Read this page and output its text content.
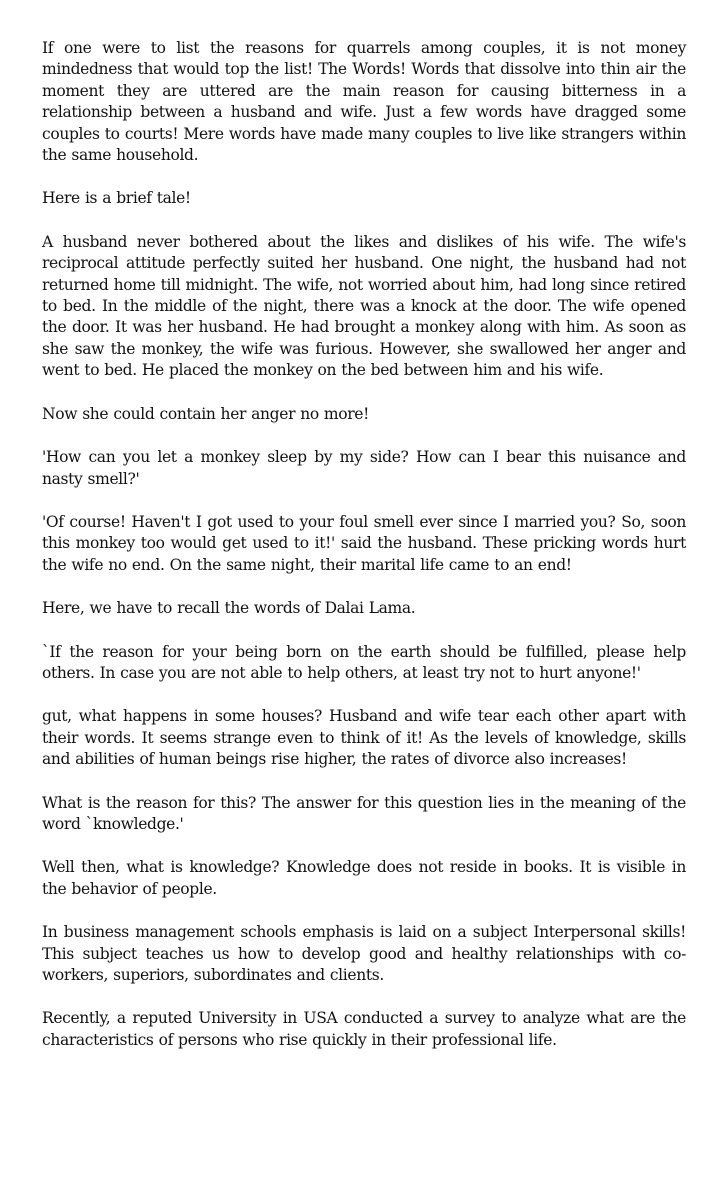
If one were to list the reasons for quarrels among couples, it is not money mindedness that would top the list! The Words! Words that dissolve into thin air the moment they are uttered are the main reason for causing bitterness in a relationship between a husband and wife. Just a few words have dragged some couples to courts! Mere words have made many couples to live like strangers within the same household.

Here is a brief tale!

A husband never bothered about the likes and dislikes of his wife. The wife's reciprocal attitude perfectly suited her husband. One night, the husband had not returned home till midnight. The wife, not worried about him, had long since retired to bed. In the middle of the night, there was a knock at the door. The wife opened the door. It was her husband. He had brought a monkey along with him. As soon as she saw the monkey, the wife was furious. However, she swallowed her anger and went to bed. He placed the monkey on the bed between him and his wife.

Now she could contain her anger no more!

'How can you let a monkey sleep by my side? How can I bear this nuisance and nasty smell?'

'Of course! Haven't I got used to your foul smell ever since I married you? So, soon this monkey too would get used to it!' said the husband. These pricking words hurt the wife no end. On the same night, their marital life came to an end!

Here, we have to recall the words of Dalai Lama.

`If the reason for your being born on the earth should be fulfilled, please help others. In case you are not able to help others, at least try not to hurt anyone!'

gut, what happens in some houses? Husband and wife tear each other apart with their words. It seems strange even to think of it! As the levels of knowledge, skills and abilities of human beings rise higher, the rates of divorce also increases!

What is the reason for this? The answer for this question lies in the meaning of the word `knowledge.'

Well then, what is knowledge? Knowledge does not reside in books. It is visible in the behavior of people.

In business management schools emphasis is laid on a subject Interpersonal skills! This subject teaches us how to develop good and healthy relationships with co-workers, superiors, subordinates and clients.

Recently, a reputed University in USA conducted a survey to analyze what are the characteristics of persons who rise quickly in their professional life.
